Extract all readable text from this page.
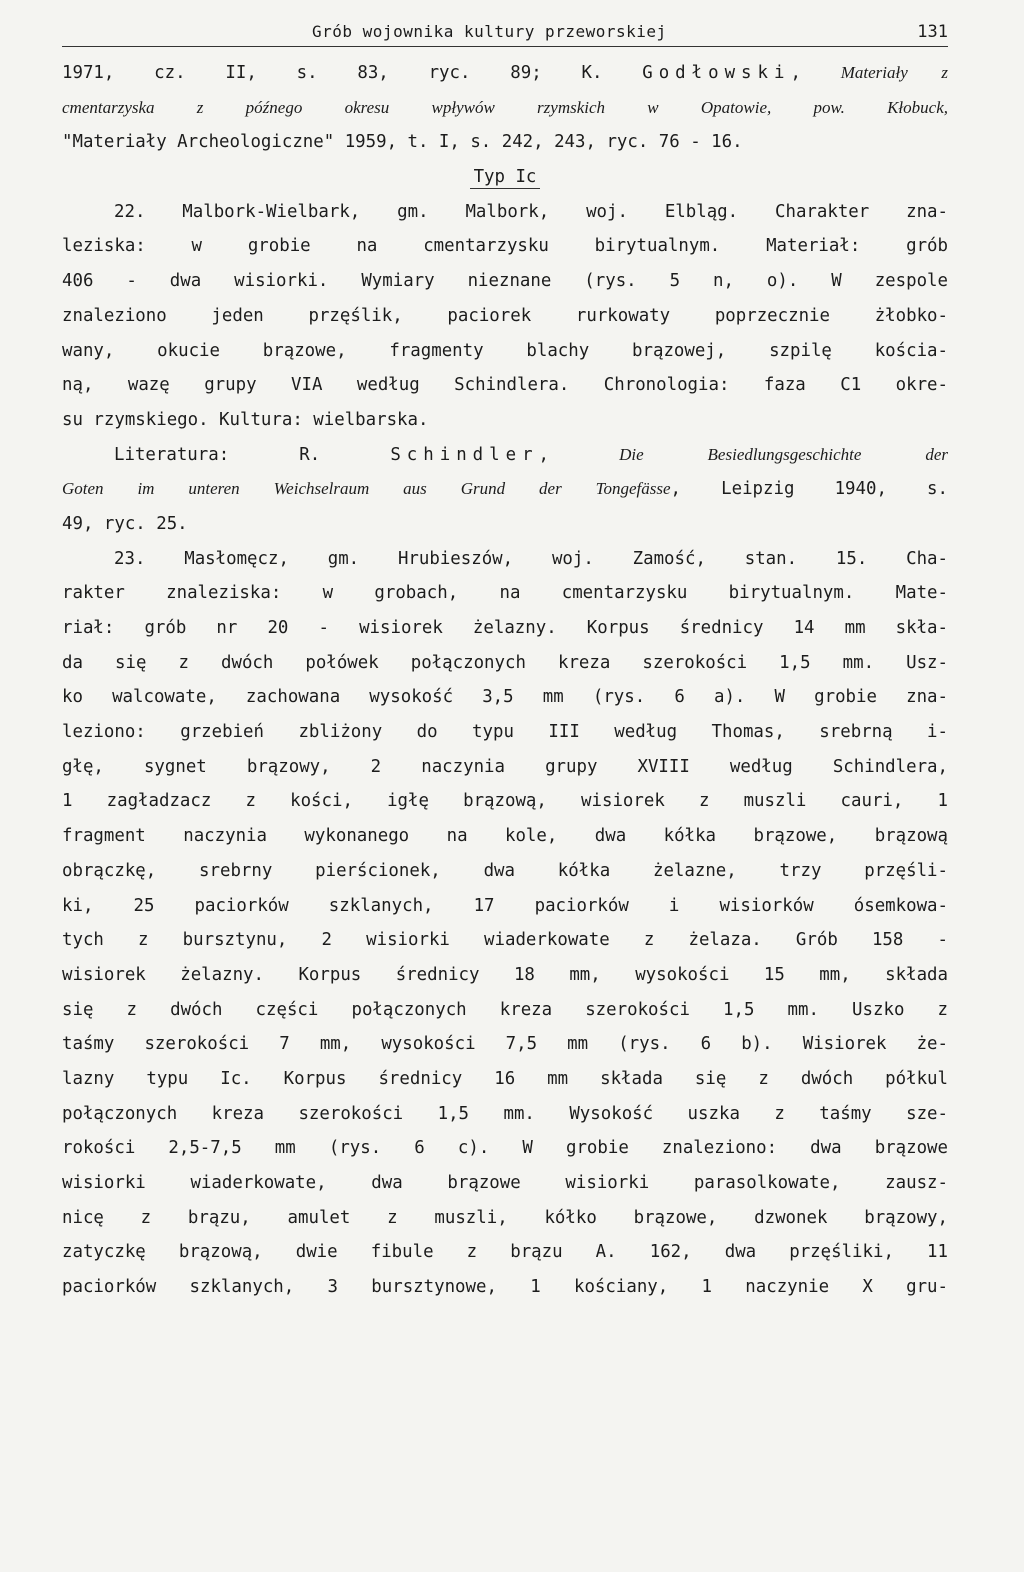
Grób wojownika kultury przeworskiej	131
1971, cz. II, s. 83, ryc. 89; K. Godłowski, Materiały z
cmentarzyska z późnego okresu wpływów rzymskich w Opatowie, pow. Kłobuck,
"Materiały Archeologiczne" 1959, t. I, s. 242, 243, ryc. 76 - 16.
Typ Ic
22. Malbork-Wielbark, gm. Malbork, woj. Elbląg. Charakter zna-
leziska: w grobie na cmentarzysku birytualnym. Materiał: grób
406 - dwa wisiorki. Wymiary nieznane (rys. 5 n, o). W zespole
znaleziono jeden przęślik, paciorek rurkowaty poprzecznie żłobko-
wany, okucie brązowe, fragmenty blachy brązowej, szpilę kościa-
ną, wazę grupy VIA według Schindlera. Chronologia: faza C1 okre-
su rzymskiego. Kultura: wielbarska.
Literatura: R. Schindler, Die Besiedlungsgeschichte der
Goten im unteren Weichselraum aus Grund der Tongefässe, Leipzig 1940, s.
49, ryc. 25.
23. Masłomęcz, gm. Hrubieszów, woj. Zamość, stan. 15. Cha-
rakter znaleziska: w grobach, na cmentarzysku birytualnym. Mate-
riał: grób nr 20 - wisiorek żelazny. Korpus średnicy 14 mm skła-
da się z dwóch połówek połączonych kreza szerokości 1,5 mm. Usz-
ko walcowate, zachowana wysokość 3,5 mm (rys. 6 a). W grobie zna-
leziono: grzebień zbliżony do typu III według Thomas, srebrną i-
głę, sygnet brązowy, 2 naczynia grupy XVIII według Schindlera,
1 zagładzacz z kości, igłę brązową, wisiorek z muszli cauri, 1
fragment naczynia wykonanego na kole, dwa kółka brązowe, brązową
obrączkę, srebrny pierścionek, dwa kółka żelazne, trzy przęśli-
ki, 25 paciorków szklanych, 17 paciorków i wisiorków ósemkowa-
tych z bursztynu, 2 wisiorki wiaderkowate z żelaza. Grób 158 -
wisiorek żelazny. Korpus średnicy 18 mm, wysokości 15 mm, składa
się z dwóch części połączonych kreza szerokości 1,5 mm. Uszko z
taśmy szerokości 7 mm, wysokości 7,5 mm (rys. 6 b). Wisiorek że-
lazny typu Ic. Korpus średnicy 16 mm składa się z dwóch półkul
połączonych kreza szerokości 1,5 mm. Wysokość uszka z taśmy sze-
rokości 2,5-7,5 mm (rys. 6 c). W grobie znaleziono: dwa brązowe
wisiorki wiaderkowate, dwa brązowe wisiorki parasolkowate, zausz-
nicę z brązu, amulet z muszli, kółko brązowe, dzwonek brązowy,
zatyczkę brązową, dwie fibule z brązu A. 162, dwa przęśliki, 11
paciorków szklanych, 3 bursztynowe, 1 kościany, 1 naczynie X gru-
